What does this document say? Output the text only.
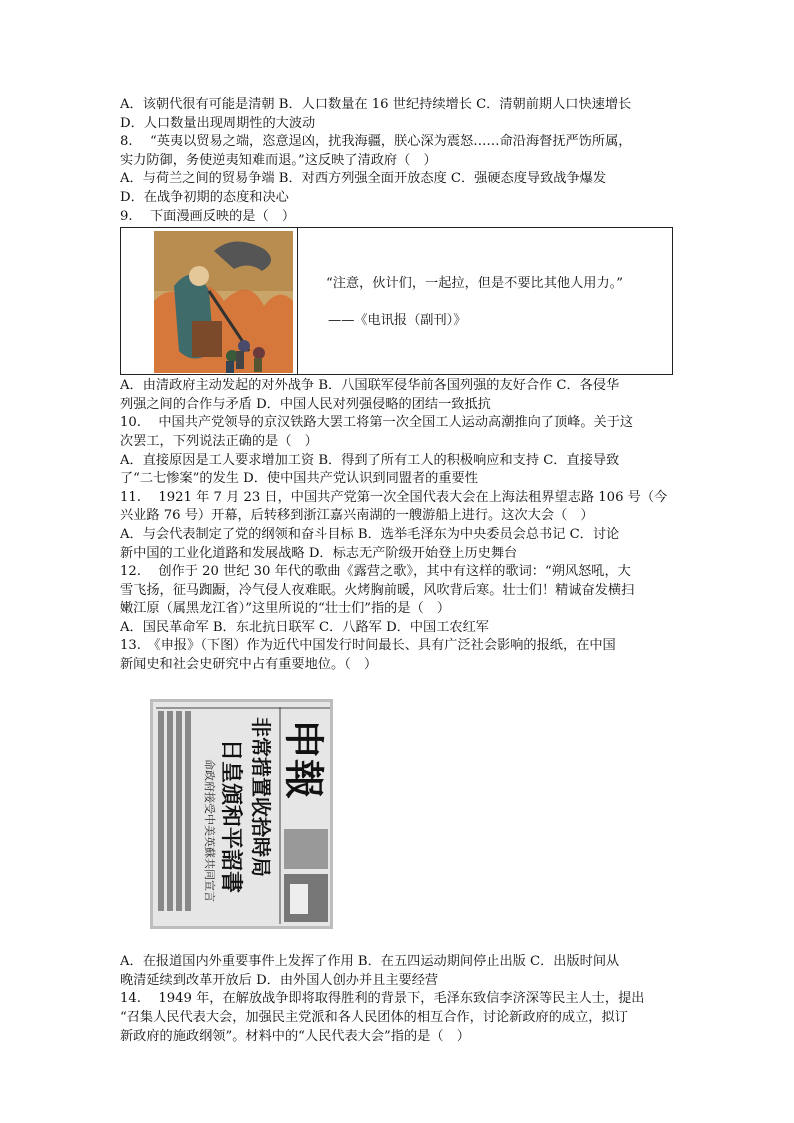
A．该朝代很有可能是清朝 B．人口数量在 16 世纪持续增长 C．清朝前期人口快速增长
D．人口数量出现周期性的大波动
8.　 “英夷以贸易之端，恣意逞凶，扰我海疆，朕心深为震怒……命沿海督抚严饬所属，
实力防御，务使逆夷知难而退。”这反映了清政府（　）
A．与荷兰之间的贸易争端 B．对西方列强全面开放态度 C．强硬态度导致战争爆发
D．在战争初期的态度和决心
9.　 下面漫画反映的是（　）
“注意，伙计们，一起拉，但是不要比其他人用力。”
——《电讯报（副刊）》
A．由清政府主动发起的对外战争 B．八国联军侵华前各国列强的友好合作 C．各侵华
列强之间的合作与矛盾 D．中国人民对列强侵略的团结一致抵抗
10.　 中国共产党领导的京汉铁路大罢工将第一次全国工人运动高潮推向了顶峰。关于这
次罢工，下列说法正确的是（　）
A．直接原因是工人要求增加工资 B．得到了所有工人的积极响应和支持 C．直接导致
了“二七惨案”的发生 D．使中国共产党认识到同盟者的重要性
11.　 1921 年 7 月 23 日，中国共产党第一次全国代表大会在上海法租界望志路 106 号（今
兴业路 76 号）开幕，后转移到浙江嘉兴南湖的一艘游船上进行。这次大会（　）
A．与会代表制定了党的纲领和奋斗目标 B．选举毛泽东为中央委员会总书记 C．讨论
新中国的工业化道路和发展战略 D．标志无产阶级开始登上历史舞台
12.　 创作于 20 世纪 30 年代的歌曲《露营之歌》，其中有这样的歌词：“朔风怒吼，大
雪飞扬，征马踟蹰，冷气侵人夜难眠。火烤胸前暖，风吹背后寒。壮士们！精诚奋发横扫
嫩江原（属黑龙江省）”这里所说的“壮士们”指的是（　）
A．国民革命军 B．东北抗日联军 C．八路军 D．中国工农红军
13.　《申报》（下图）作为近代中国发行时间最长、具有广泛社会影响的报纸，在中国
新闻史和社会史研究中占有重要地位。（　）
命政府接受中美英蘇共同宣言 日皇頒和平詔書 非常措置收拾時局 申報
A．在报道国内外重要事件上发挥了作用 B．在五四运动期间停止出版 C．出版时间从
晚清延续到改革开放后 D．由外国人创办并且主要经营
14.　 1949 年，在解放战争即将取得胜利的背景下，毛泽东致信李济深等民主人士，提出
“召集人民代表大会，加强民主党派和各人民团体的相互合作，讨论新政府的成立，拟订
新政府的施政纲领”。材料中的“人民代表大会”指的是（　）
